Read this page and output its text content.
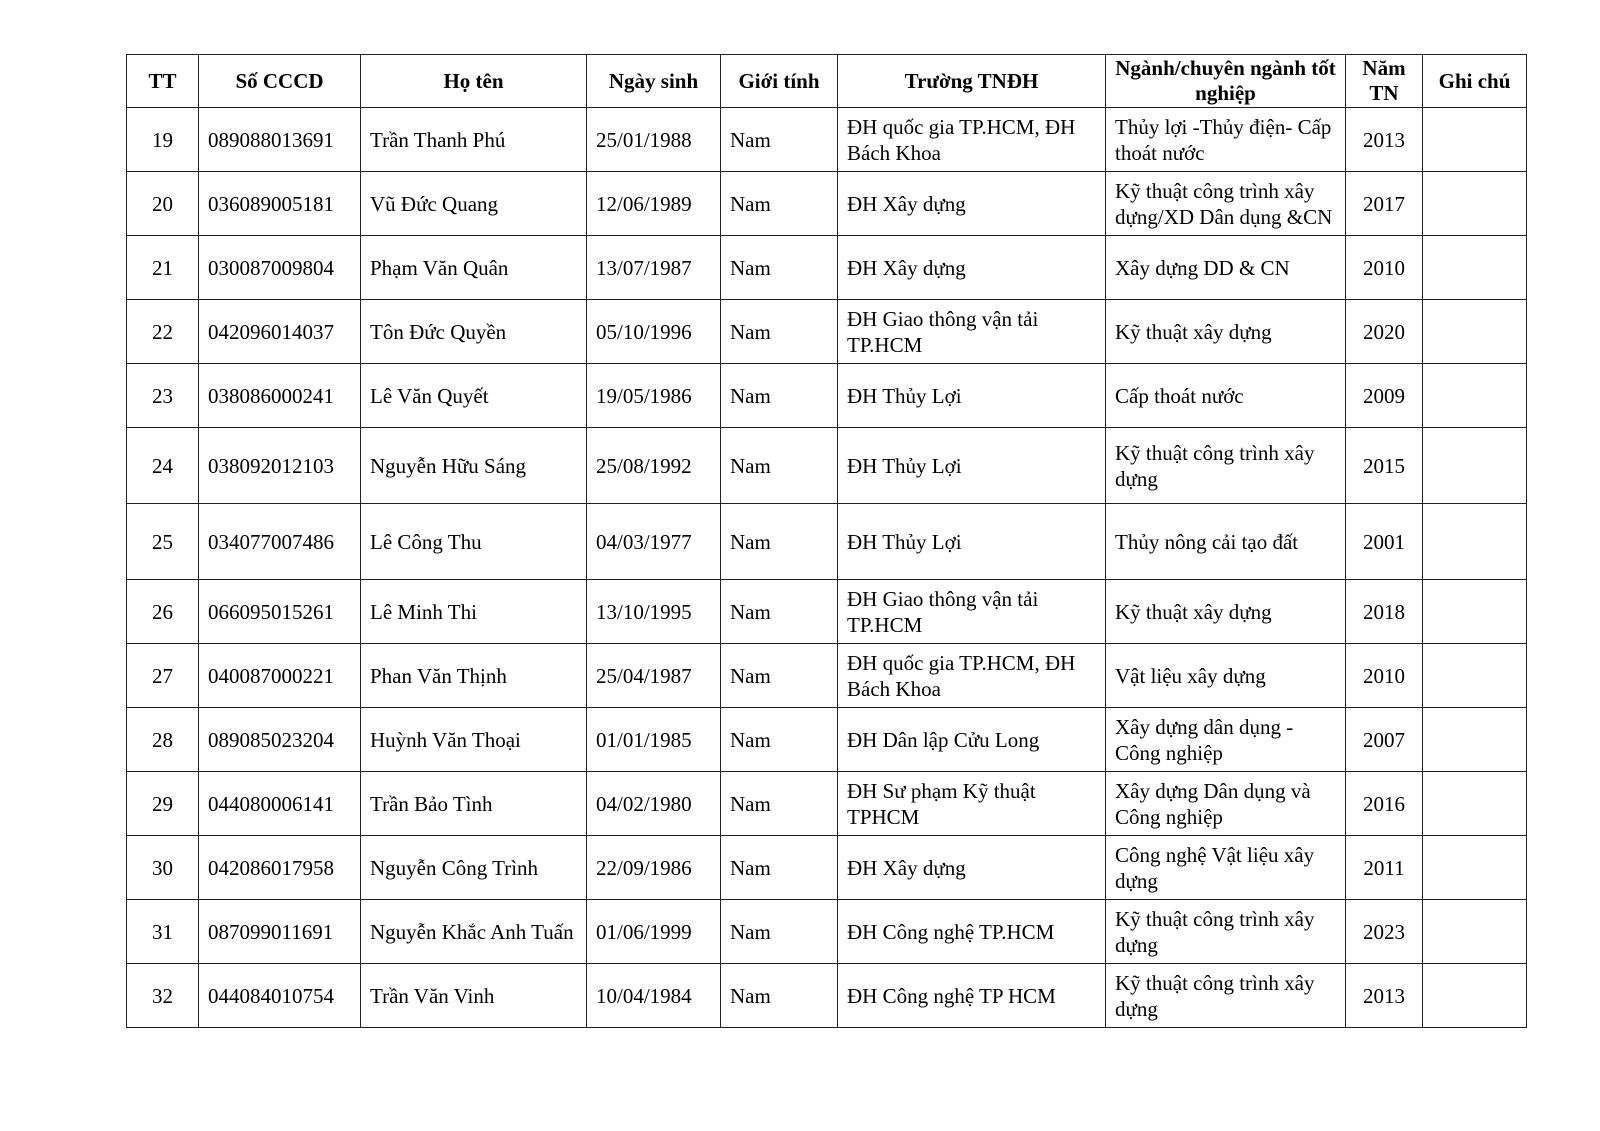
TT	Số CCCD	Họ tên	Ngày sinh	Giới tính	Trường TNĐH	Ngành/chuyên ngành tốt nghiệp	Năm TN	Ghi chú
19	089088013691	Trần Thanh Phú	25/01/1988	Nam	ĐH quốc gia TP.HCM, ĐH Bách Khoa	Thủy lợi -Thủy điện- Cấp thoát nước	2013	
20	036089005181	Vũ Đức Quang	12/06/1989	Nam	ĐH Xây dựng	Kỹ thuật công trình xây dựng/XD Dân dụng &CN	2017	
21	030087009804	Phạm Văn Quân	13/07/1987	Nam	ĐH Xây dựng	Xây dựng DD & CN	2010	
22	042096014037	Tôn Đức Quyền	05/10/1996	Nam	ĐH Giao thông vận tải TP.HCM	Kỹ thuật xây dựng	2020	
23	038086000241	Lê Văn Quyết	19/05/1986	Nam	ĐH Thủy Lợi	Cấp thoát nước	2009	
24	038092012103	Nguyễn Hữu Sáng	25/08/1992	Nam	ĐH Thủy Lợi	Kỹ thuật công trình xây dựng	2015	
25	034077007486	Lê Công Thu	04/03/1977	Nam	ĐH Thủy Lợi	Thủy nông cải tạo đất	2001	
26	066095015261	Lê Minh Thi	13/10/1995	Nam	ĐH Giao thông vận tải TP.HCM	Kỹ thuật xây dựng	2018	
27	040087000221	Phan Văn Thịnh	25/04/1987	Nam	ĐH quốc gia TP.HCM, ĐH Bách Khoa	Vật liệu xây dựng	2010	
28	089085023204	Huỳnh Văn Thoại	01/01/1985	Nam	ĐH Dân lập Cửu Long	Xây dựng dân dụng - Công nghiệp	2007	
29	044080006141	Trần Bảo Tình	04/02/1980	Nam	ĐH Sư phạm Kỹ thuật TPHCM	Xây dựng Dân dụng và Công nghiệp	2016	
30	042086017958	Nguyễn Công Trình	22/09/1986	Nam	ĐH Xây dựng	Công nghệ Vật liệu xây dựng	2011	
31	087099011691	Nguyễn Khắc Anh Tuấn	01/06/1999	Nam	ĐH Công nghệ TP.HCM	Kỹ thuật công trình xây dựng	2023	
32	044084010754	Trần Văn Vinh	10/04/1984	Nam	ĐH Công nghệ TP HCM	Kỹ thuật công trình xây dựng	2013	
